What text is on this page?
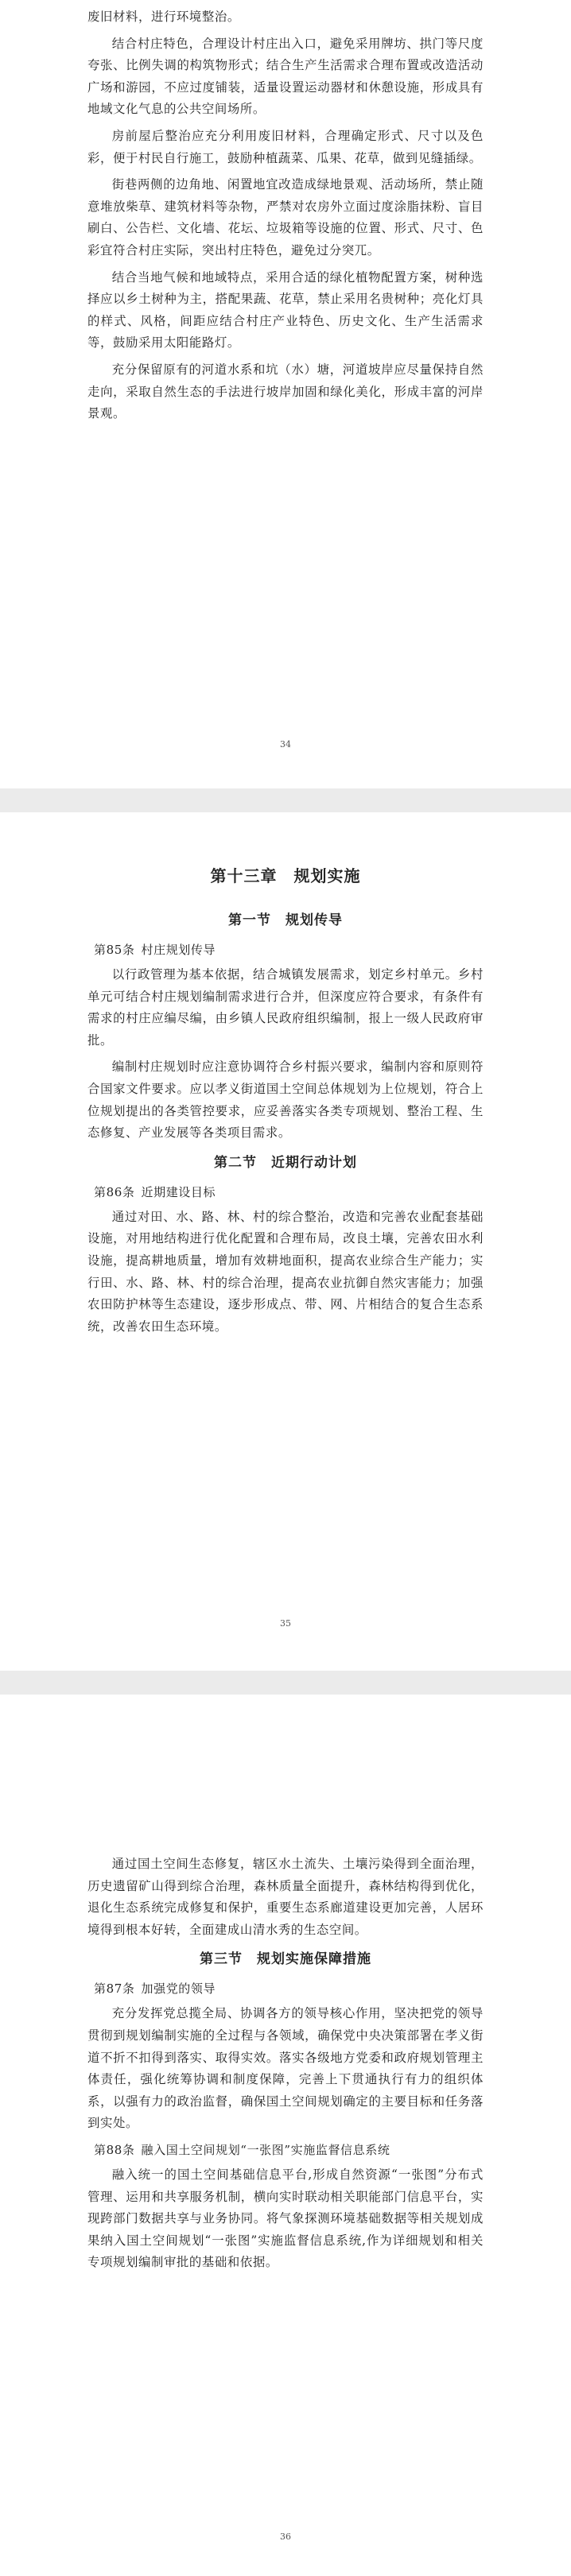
废旧材料，进行环境整治。

结合村庄特色，合理设计村庄出入口，避免采用牌坊、拱门等尺度夸张、比例失调的构筑物形式；结合生产生活需求合理布置或改造活动广场和游园，不应过度铺装，适量设置运动器材和休憩设施，形成具有地域文化气息的公共空间场所。

房前屋后整治应充分利用废旧材料，合理确定形式、尺寸以及色彩，便于村民自行施工，鼓励种植蔬菜、瓜果、花草，做到见缝插绿。

街巷两侧的边角地、闲置地宜改造成绿地景观、活动场所，禁止随意堆放柴草、建筑材料等杂物，严禁对农房外立面过度涂脂抹粉、盲目刷白、公告栏、文化墙、花坛、垃圾箱等设施的位置、形式、尺寸、色彩宜符合村庄实际，突出村庄特色，避免过分突兀。

结合当地气候和地域特点，采用合适的绿化植物配置方案，树种选择应以乡土树种为主，搭配果蔬、花草，禁止采用名贵树种；亮化灯具的样式、风格，间距应结合村庄产业特色、历史文化、生产生活需求等，鼓励采用太阳能路灯。

充分保留原有的河道水系和坑（水）塘，河道坡岸应尽量保持自然走向，采取自然生态的手法进行坡岸加固和绿化美化，形成丰富的河岸景观。

34
第十三章　规划实施
第一节　规划传导
第85条 村庄规划传导

以行政管理为基本依据，结合城镇发展需求，划定乡村单元。乡村单元可结合村庄规划编制需求进行合并，但深度应符合要求，有条件有需求的村庄应编尽编，由乡镇人民政府组织编制，报上一级人民政府审批。

编制村庄规划时应注意协调符合乡村振兴要求，编制内容和原则符合国家文件要求。应以孝义街道国土空间总体规划为上位规划，符合上位规划提出的各类管控要求，应妥善落实各类专项规划、整治工程、生态修复、产业发展等各类项目需求。

第二节　近期行动计划
第86条 近期建设目标

通过对田、水、路、林、村的综合整治，改造和完善农业配套基础设施，对用地结构进行优化配置和合理布局，改良土壤，完善农田水利设施，提高耕地质量，增加有效耕地面积，提高农业综合生产能力；实行田、水、路、林、村的综合治理，提高农业抗御自然灾害能力；加强农田防护林等生态建设，逐步形成点、带、网、片相结合的复合生态系统，改善农田生态环境。

35

通过国土空间生态修复，辖区水土流失、土壤污染得到全面治理，历史遗留矿山得到综合治理，森林质量全面提升，森林结构得到优化，退化生态系统完成修复和保护，重要生态系廊道建设更加完善，人居环境得到根本好转，全面建成山清水秀的生态空间。

第三节　规划实施保障措施
第87条 加强党的领导

充分发挥党总揽全局、协调各方的领导核心作用，坚决把党的领导贯彻到规划编制实施的全过程与各领域，确保党中央决策部署在孝义街道不折不扣得到落实、取得实效。落实各级地方党委和政府规划管理主体责任，强化统筹协调和制度保障，完善上下贯通执行有力的组织体系，以强有力的政治监督，确保国土空间规划确定的主要目标和任务落到实处。

第88条 融入国土空间规划“一张图”实施监督信息系统

融入统一的国土空间基础信息平台,形成自然资源“一张图”分布式管理、运用和共享服务机制，横向实时联动相关职能部门信息平台，实现跨部门数据共享与业务协同。将气象探测环境基础数据等相关规划成果纳入国土空间规划“一张图”实施监督信息系统,作为详细规划和相关专项规划编制审批的基础和依据。

36
